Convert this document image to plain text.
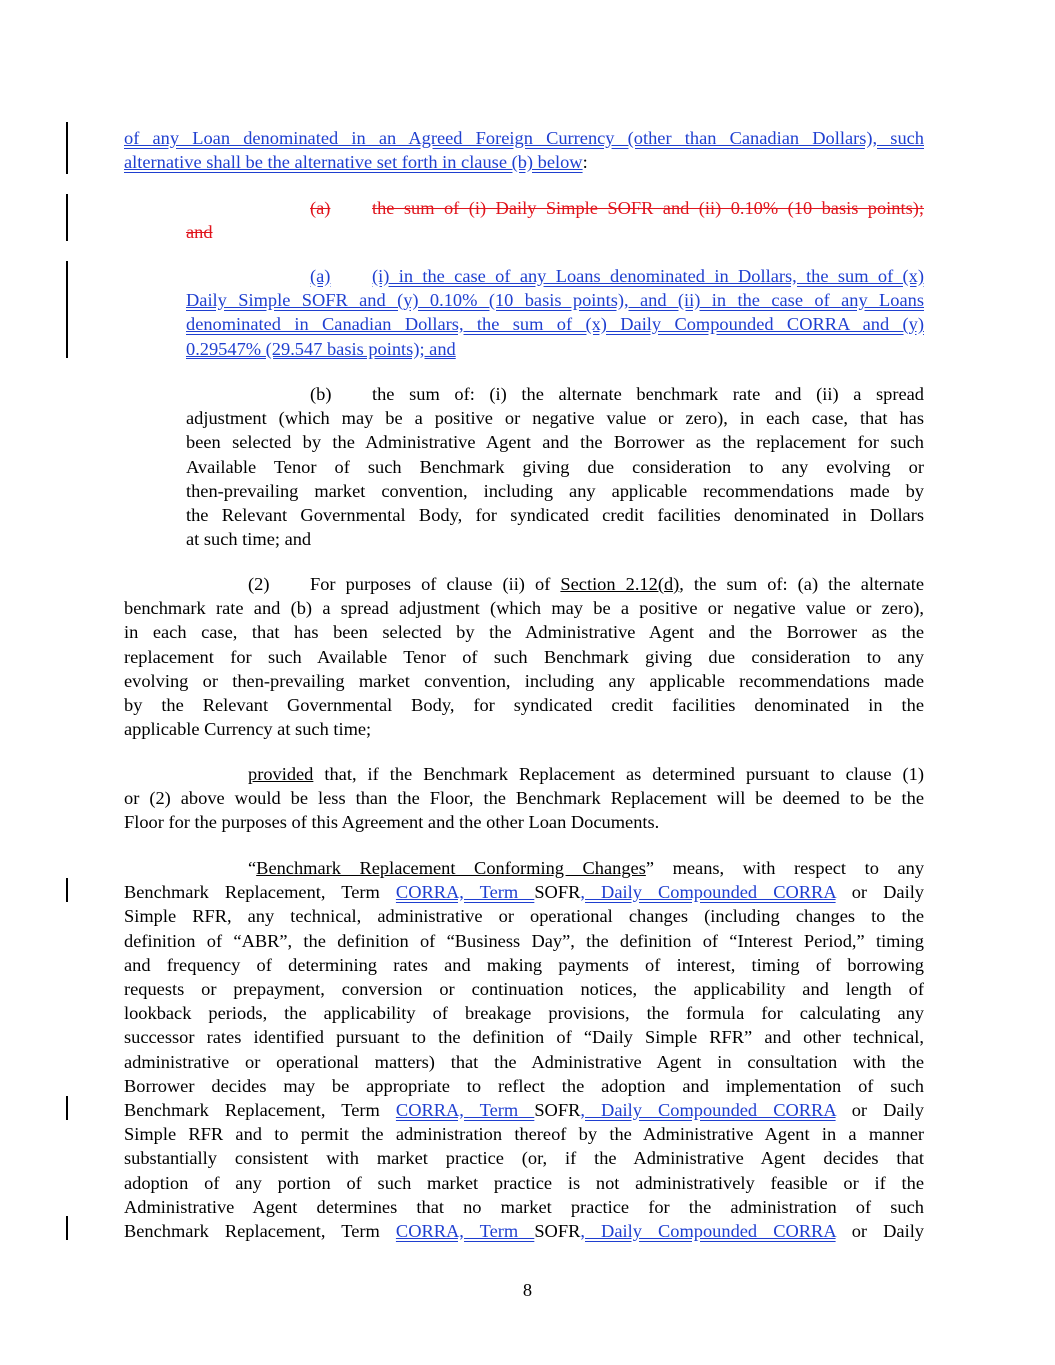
of any Loan denominated in an Agreed Foreign Currency (other than Canadian Dollars), such
alternative shall be the alternative set forth in clause (b) below:
(a) the sum of (i) Daily Simple SOFR and (ii) 0.10% (10 basis points);
and
(a) (i) in the case of any Loans denominated in Dollars, the sum of (x)
Daily Simple SOFR and (y) 0.10% (10 basis points), and (ii) in the case of any Loans
denominated in Canadian Dollars, the sum of (x) Daily Compounded CORRA and (y)
0.29547% (29.547 basis points); and
(b) the sum of: (i) the alternate benchmark rate and (ii) a spread
adjustment (which may be a positive or negative value or zero), in each case, that has
been selected by the Administrative Agent and the Borrower as the replacement for such
Available Tenor of such Benchmark giving due consideration to any evolving or
then-prevailing market convention, including any applicable recommendations made by
the Relevant Governmental Body, for syndicated credit facilities denominated in Dollars
at such time; and
(2) For purposes of clause (ii) of Section 2.12(d), the sum of: (a) the alternate
benchmark rate and (b) a spread adjustment (which may be a positive or negative value or zero),
in each case, that has been selected by the Administrative Agent and the Borrower as the
replacement for such Available Tenor of such Benchmark giving due consideration to any
evolving or then-prevailing market convention, including any applicable recommendations made
by the Relevant Governmental Body, for syndicated credit facilities denominated in the
applicable Currency at such time;
provided that, if the Benchmark Replacement as determined pursuant to clause (1)
or (2) above would be less than the Floor, the Benchmark Replacement will be deemed to be the
Floor for the purposes of this Agreement and the other Loan Documents.
“Benchmark Replacement Conforming Changes” means, with respect to any
Benchmark Replacement, Term CORRA, Term SOFR, Daily Compounded CORRA or Daily
Simple RFR, any technical, administrative or operational changes (including changes to the
definition of “ABR”, the definition of “Business Day”, the definition of “Interest Period,” timing
and frequency of determining rates and making payments of interest, timing of borrowing
requests or prepayment, conversion or continuation notices, the applicability and length of
lookback periods, the applicability of breakage provisions, the formula for calculating any
successor rates identified pursuant to the definition of “Daily Simple RFR” and other technical,
administrative or operational matters) that the Administrative Agent in consultation with the
Borrower decides may be appropriate to reflect the adoption and implementation of such
Benchmark Replacement, Term CORRA, Term SOFR, Daily Compounded CORRA or Daily
Simple RFR and to permit the administration thereof by the Administrative Agent in a manner
substantially consistent with market practice (or, if the Administrative Agent decides that
adoption of any portion of such market practice is not administratively feasible or if the
Administrative Agent determines that no market practice for the administration of such
Benchmark Replacement, Term CORRA, Term SOFR, Daily Compounded CORRA or Daily
8
